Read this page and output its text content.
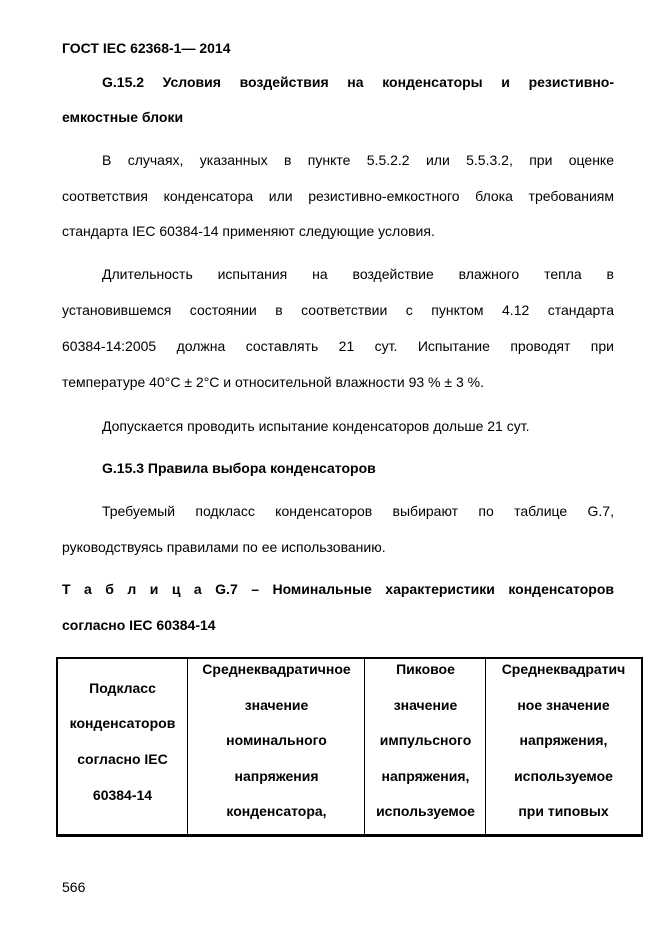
ГОСТ IEC 62368-1— 2014
G.15.2 Условия воздействия на конденсаторы и резистивно-
емкостные блоки
В случаях, указанных в пункте 5.5.2.2 или 5.5.3.2, при оценке
соответствия конденсатора или резистивно-емкостного блока требованиям
стандарта IEC 60384-14 применяют следующие условия.
Длительность испытания на воздействие влажного тепла в
установившемся состоянии в соответствии с пунктом 4.12 стандарта
60384-14:2005 должна составлять 21 сут. Испытание проводят при
температуре 40°С ± 2°С и относительной влажности 93 % ± 3 %.
Допускается проводить испытание конденсаторов дольше 21 сут.
G.15.3 Правила выбора конденсаторов
Требуемый подкласс конденсаторов выбирают по таблице G.7,
руководствуясь правилами по ее использованию.
Т а б л и ц а G.7 – Номинальные характеристики конденсаторов
согласно IEC 60384-14
Подкласс
конденсаторов
согласно IEC
60384-14
Среднеквадратичное
значение
номинального
напряжения
конденсатора,
Пиковое
значение
импульсного
напряжения,
используемое
Среднеквадратич
ное значение
напряжения,
используемое
при типовых
566
